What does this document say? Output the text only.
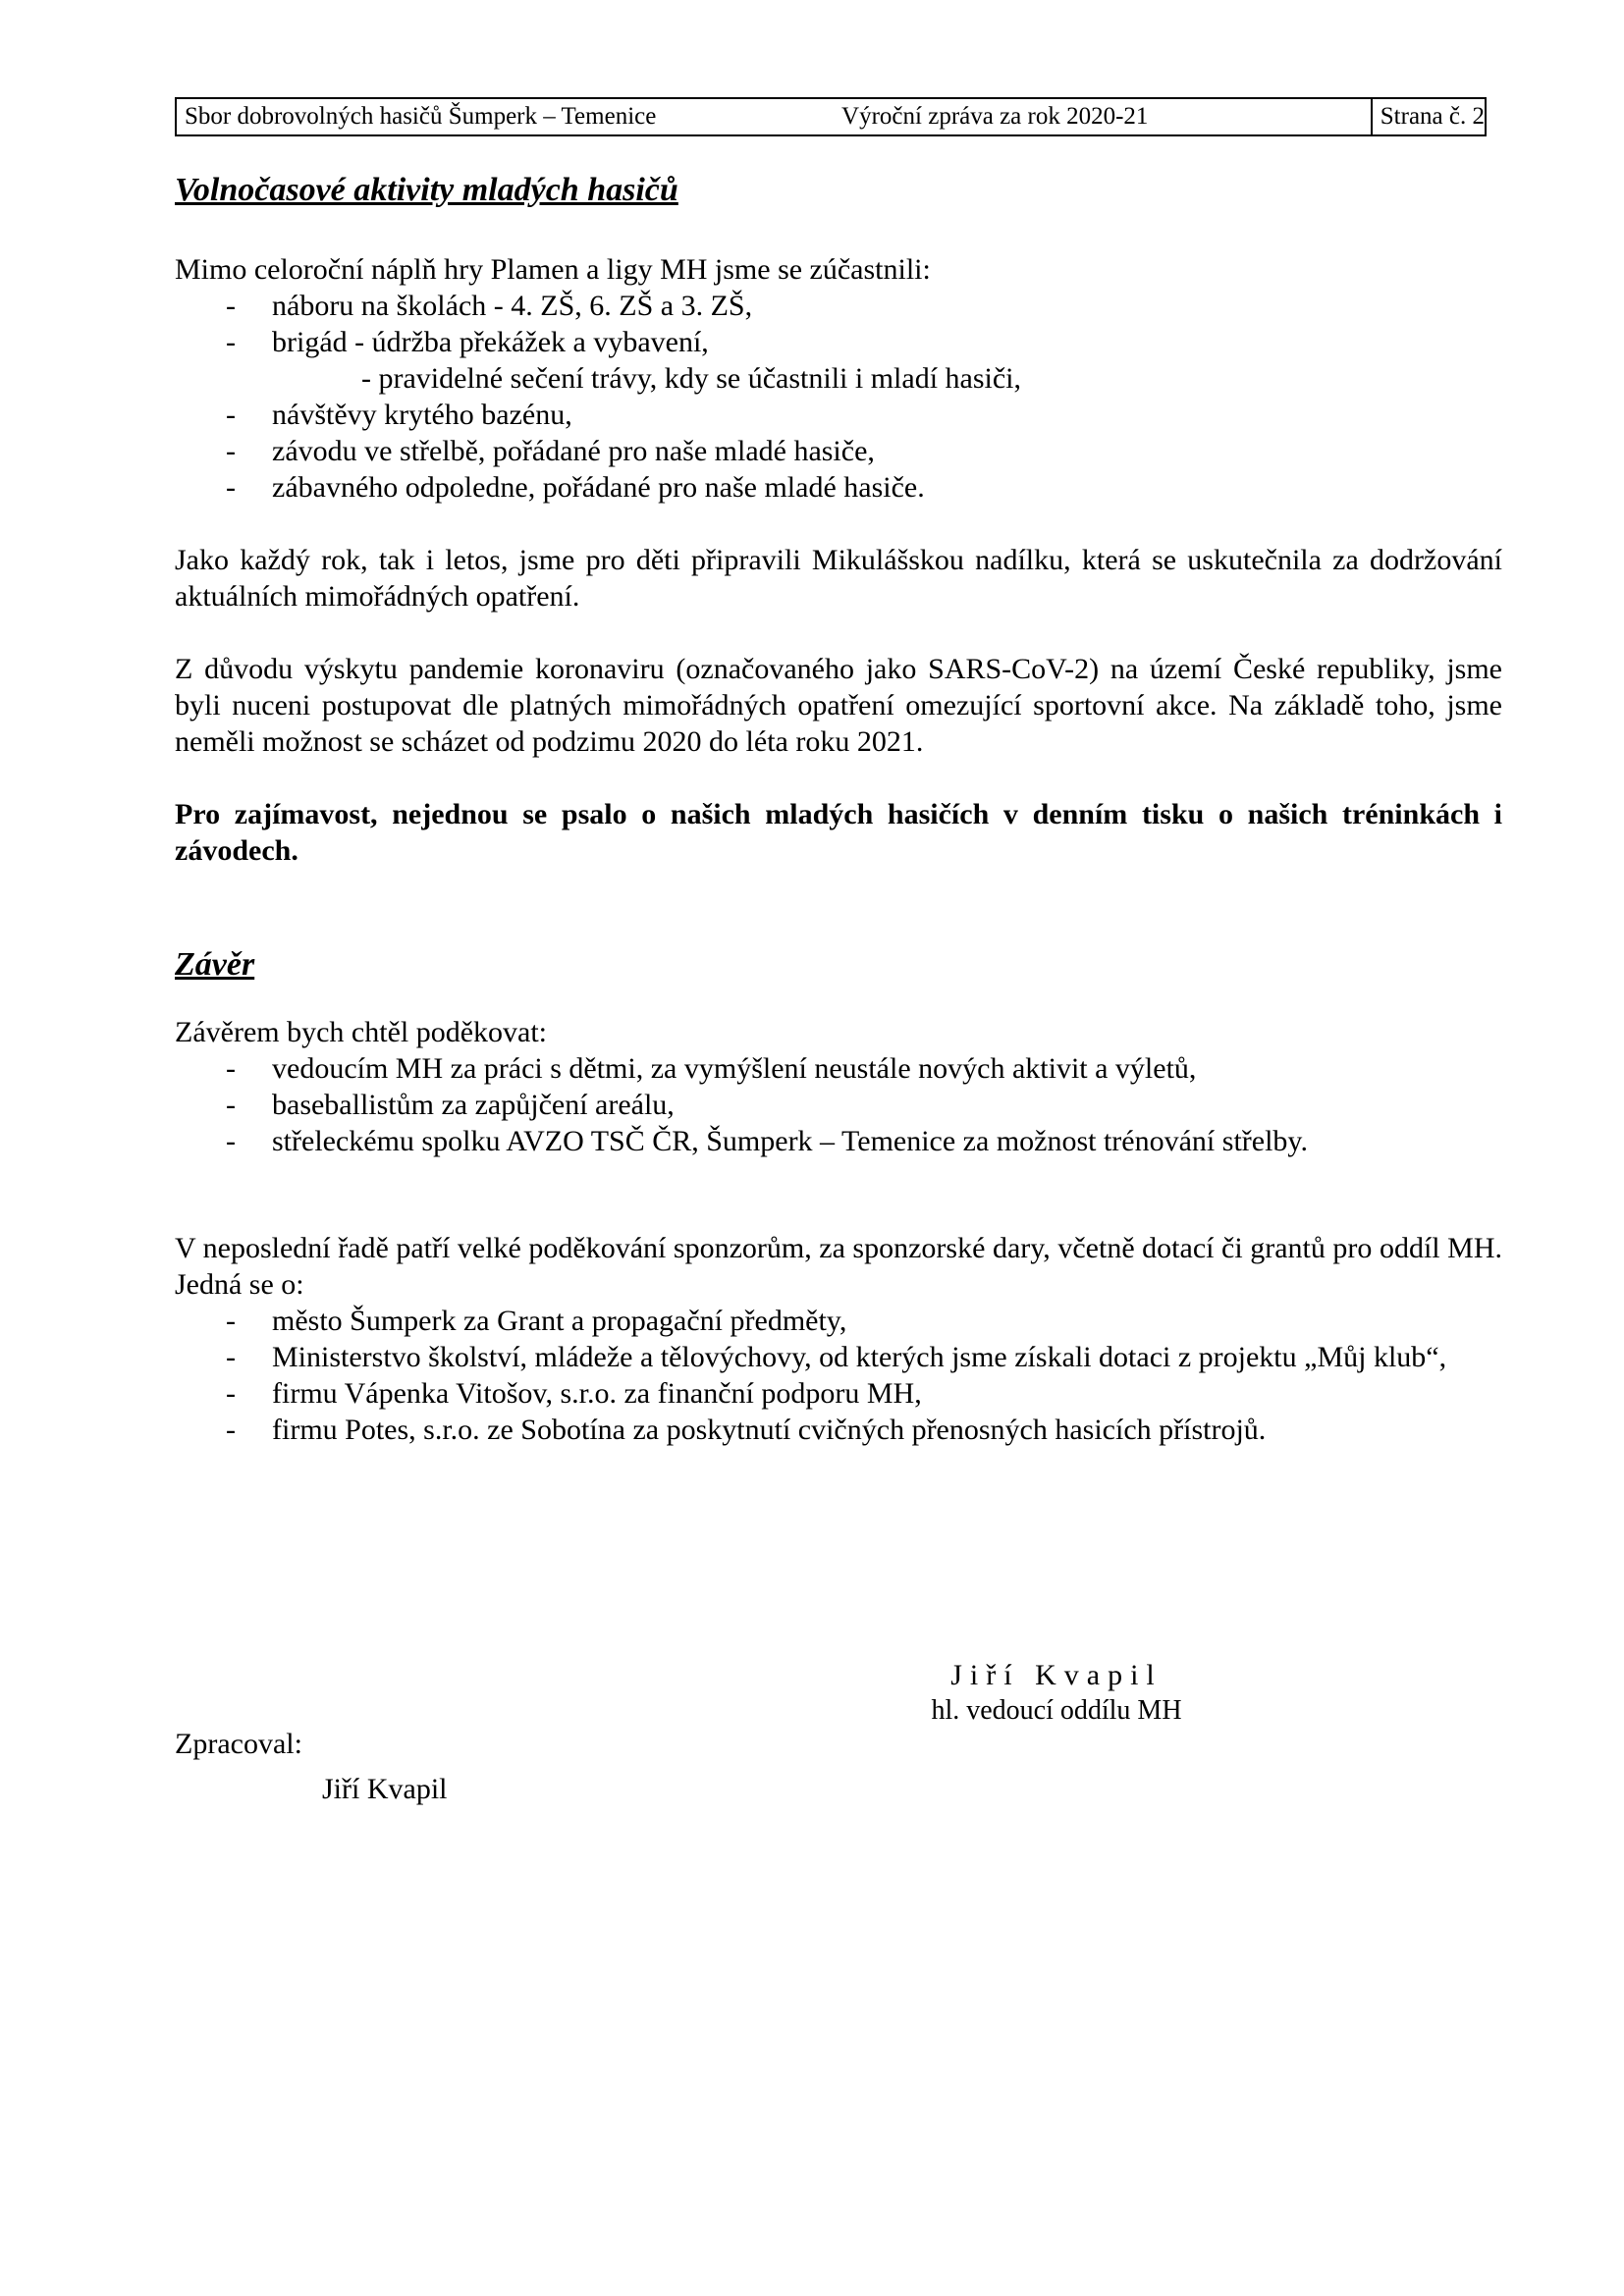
Sbor dobrovolných hasičů Šumperk – Temenice	Výroční zpráva za rok 2020-21	Strana č. 2
Volnočasové aktivity mladých hasičů

Mimo celoroční náplň hry Plamen a ligy MH jsme se zúčastnili:

- náboru na školách - 4. ZŠ, 6. ZŠ a 3. ZŠ,
- brigád - údržba překážek a vybavení,
- pravidelné sečení trávy, kdy se účastnili i mladí hasiči,
- návštěvy krytého bazénu,
- závodu ve střelbě, pořádané pro naše mladé hasiče,
- zábavného odpoledne, pořádané pro naše mladé hasiče.

Jako každý rok, tak i letos, jsme pro děti připravili Mikulášskou nadílku, která se uskutečnila za dodržování aktuálních mimořádných opatření.

Z důvodu výskytu pandemie koronaviru (označovaného jako SARS-CoV-2) na území České republiky, jsme byli nuceni postupovat dle platných mimořádných opatření omezující sportovní akce. Na základě toho, jsme neměli možnost se scházet od podzimu 2020 do léta roku 2021.

Pro zajímavost, nejednou se psalo o našich mladých hasičích v denním tisku o našich tréninkách i závodech.

Závěr

Závěrem bych chtěl poděkovat:

- vedoucím MH za práci s dětmi, za vymýšlení neustále nových aktivit a výletů,
- baseballistům za zapůjčení areálu,
- střeleckému spolku AVZO TSČ ČR, Šumperk – Temenice za možnost trénování střelby.

V neposlední řadě patří velké poděkování sponzorům, za sponzorské dary, včetně dotací či grantů pro oddíl MH. Jedná se o:

- město Šumperk za Grant a propagační předměty,
- Ministerstvo školství, mládeže a tělovýchovy, od kterých jsme získali dotaci z projektu „Můj klub“,
- firmu Vápenka Vitošov, s.r.o. za finanční podporu MH,
- firmu Potes, s.r.o. ze Sobotína za poskytnutí cvičných přenosných hasicích přístrojů.
Jiří Kvapil
hl. vedoucí oddílu MH
Zpracoval:
Jiří Kvapil
